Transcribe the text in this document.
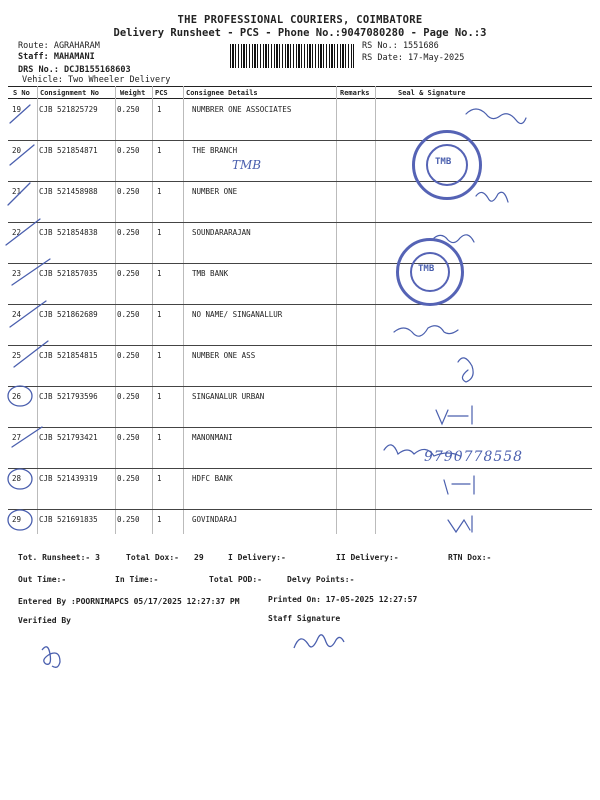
THE PROFESSIONAL COURIERS, COIMBATORE
Delivery Runsheet - PCS - Phone No.:9047080280 - Page No.:3
Route: AGRAHARAM
Staff: MAHAMANI
DRS No.: DCJB155168603
Vehicle: Two Wheeler Delivery
RS No.: 1551686
RS Date: 17-May-2025
S No Consignment No	Weight PCS	Consignee Details	Remarks	Seal & Signature
19 CJB 521825729	0.250 1	NUMBRER ONE ASSOCIATES
20 CJB 521854871	0.250 1	THE BRANCH
21 CJB 521458988	0.250 1	NUMBER ONE
22 CJB 521854838	0.250 1	SOUNDARARAJAN
23 CJB 521857035	0.250 1	TMB BANK
24 CJB 521862689	0.250 1	NO NAME/ SINGANALLUR
25 CJB 521854815	0.250 1	NUMBER ONE ASS
26 CJB 521793596	0.250 1	SINGANALUR URBAN
27 CJB 521793421	0.250 1	MANONMANI
28 CJB 521439319	0.250 1	HDFC BANK
29 CJB 521691835	0.250 1	GOVINDARAJ
TMB
TMB
TMB
9790778558
Tot. Runsheet:- 3	Total Dox:- 29	I Delivery:-	II Delivery:-	RTN Dox:-
Out Time:-	In Time:-	Total POD:-	Delvy Points:-
Entered By :POORNIMAPCS 05/17/2025 12:27:37 PM	Printed On: 17-05-2025 12:27:57
Verified By	Staff Signature
